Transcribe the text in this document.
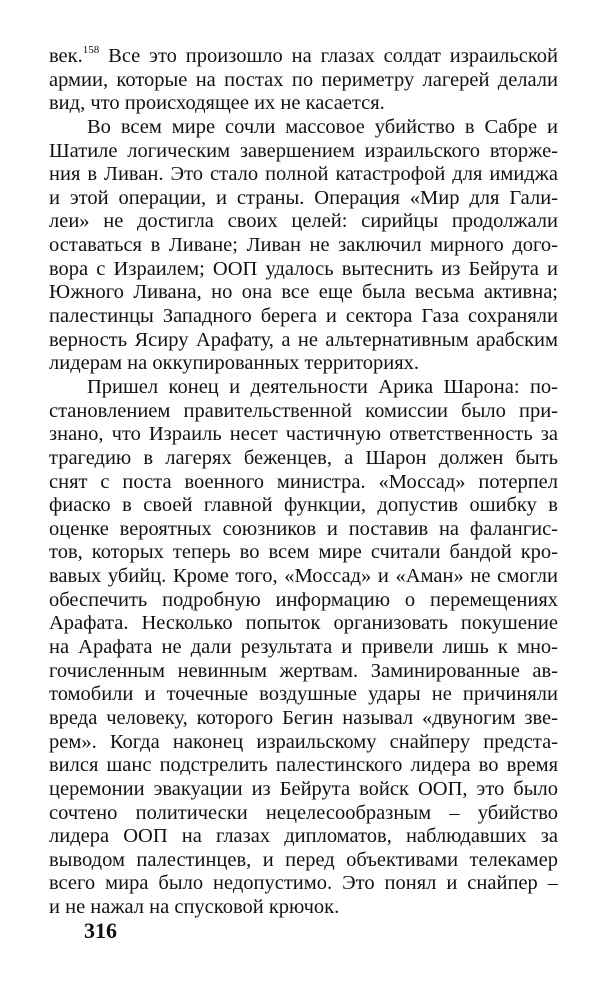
век.$^{158}$ Все это произошло на глазах солдат израильской
армии, которые на постах по периметру лагерей делали
вид, что происходящее их не касается.
Во всем мире сочли массовое убийство в Сабре и
Шатиле логическим завершением израильского вторже-
ния в Ливан. Это стало полной катастрофой для имиджа
и этой операции, и страны. Операция «Мир для Гали-
леи» не достигла своих целей: сирийцы продолжали
оставаться в Ливане; Ливан не заключил мирного дого-
вора с Израилем; ООП удалось вытеснить из Бейрута и
Южного Ливана, но она все еще была весьма активна;
палестинцы Западного берега и сектора Газа сохраняли
верность Ясиру Арафату, а не альтернативным арабским
лидерам на оккупированных территориях.
Пришел конец и деятельности Арика Шарона: по-
становлением правительственной комиссии было при-
знано, что Израиль несет частичную ответственность за
трагедию в лагерях беженцев, а Шарон должен быть
снят с поста военного министра. «Моссад» потерпел
фиаско в своей главной функции, допустив ошибку в
оценке вероятных союзников и поставив на фалангис-
тов, которых теперь во всем мире считали бандой кро-
вавых убийц. Кроме того, «Моссад» и «Аман» не смогли
обеспечить подробную информацию о перемещениях
Арафата. Несколько попыток организовать покушение
на Арафата не дали результата и привели лишь к мно-
гочисленным невинным жертвам. Заминированные ав-
томобили и точечные воздушные удары не причиняли
вреда человеку, которого Бегин называл «двуногим зве-
рем». Когда наконец израильскому снайперу предста-
вился шанс подстрелить палестинского лидера во время
церемонии эвакуации из Бейрута войск ООП, это было
сочтено политически нецелесообразным – убийство
лидера ООП на глазах дипломатов, наблюдавших за
выводом палестинцев, и перед объективами телекамер
всего мира было недопустимо. Это понял и снайпер –
и не нажал на спусковой крючок.
316
